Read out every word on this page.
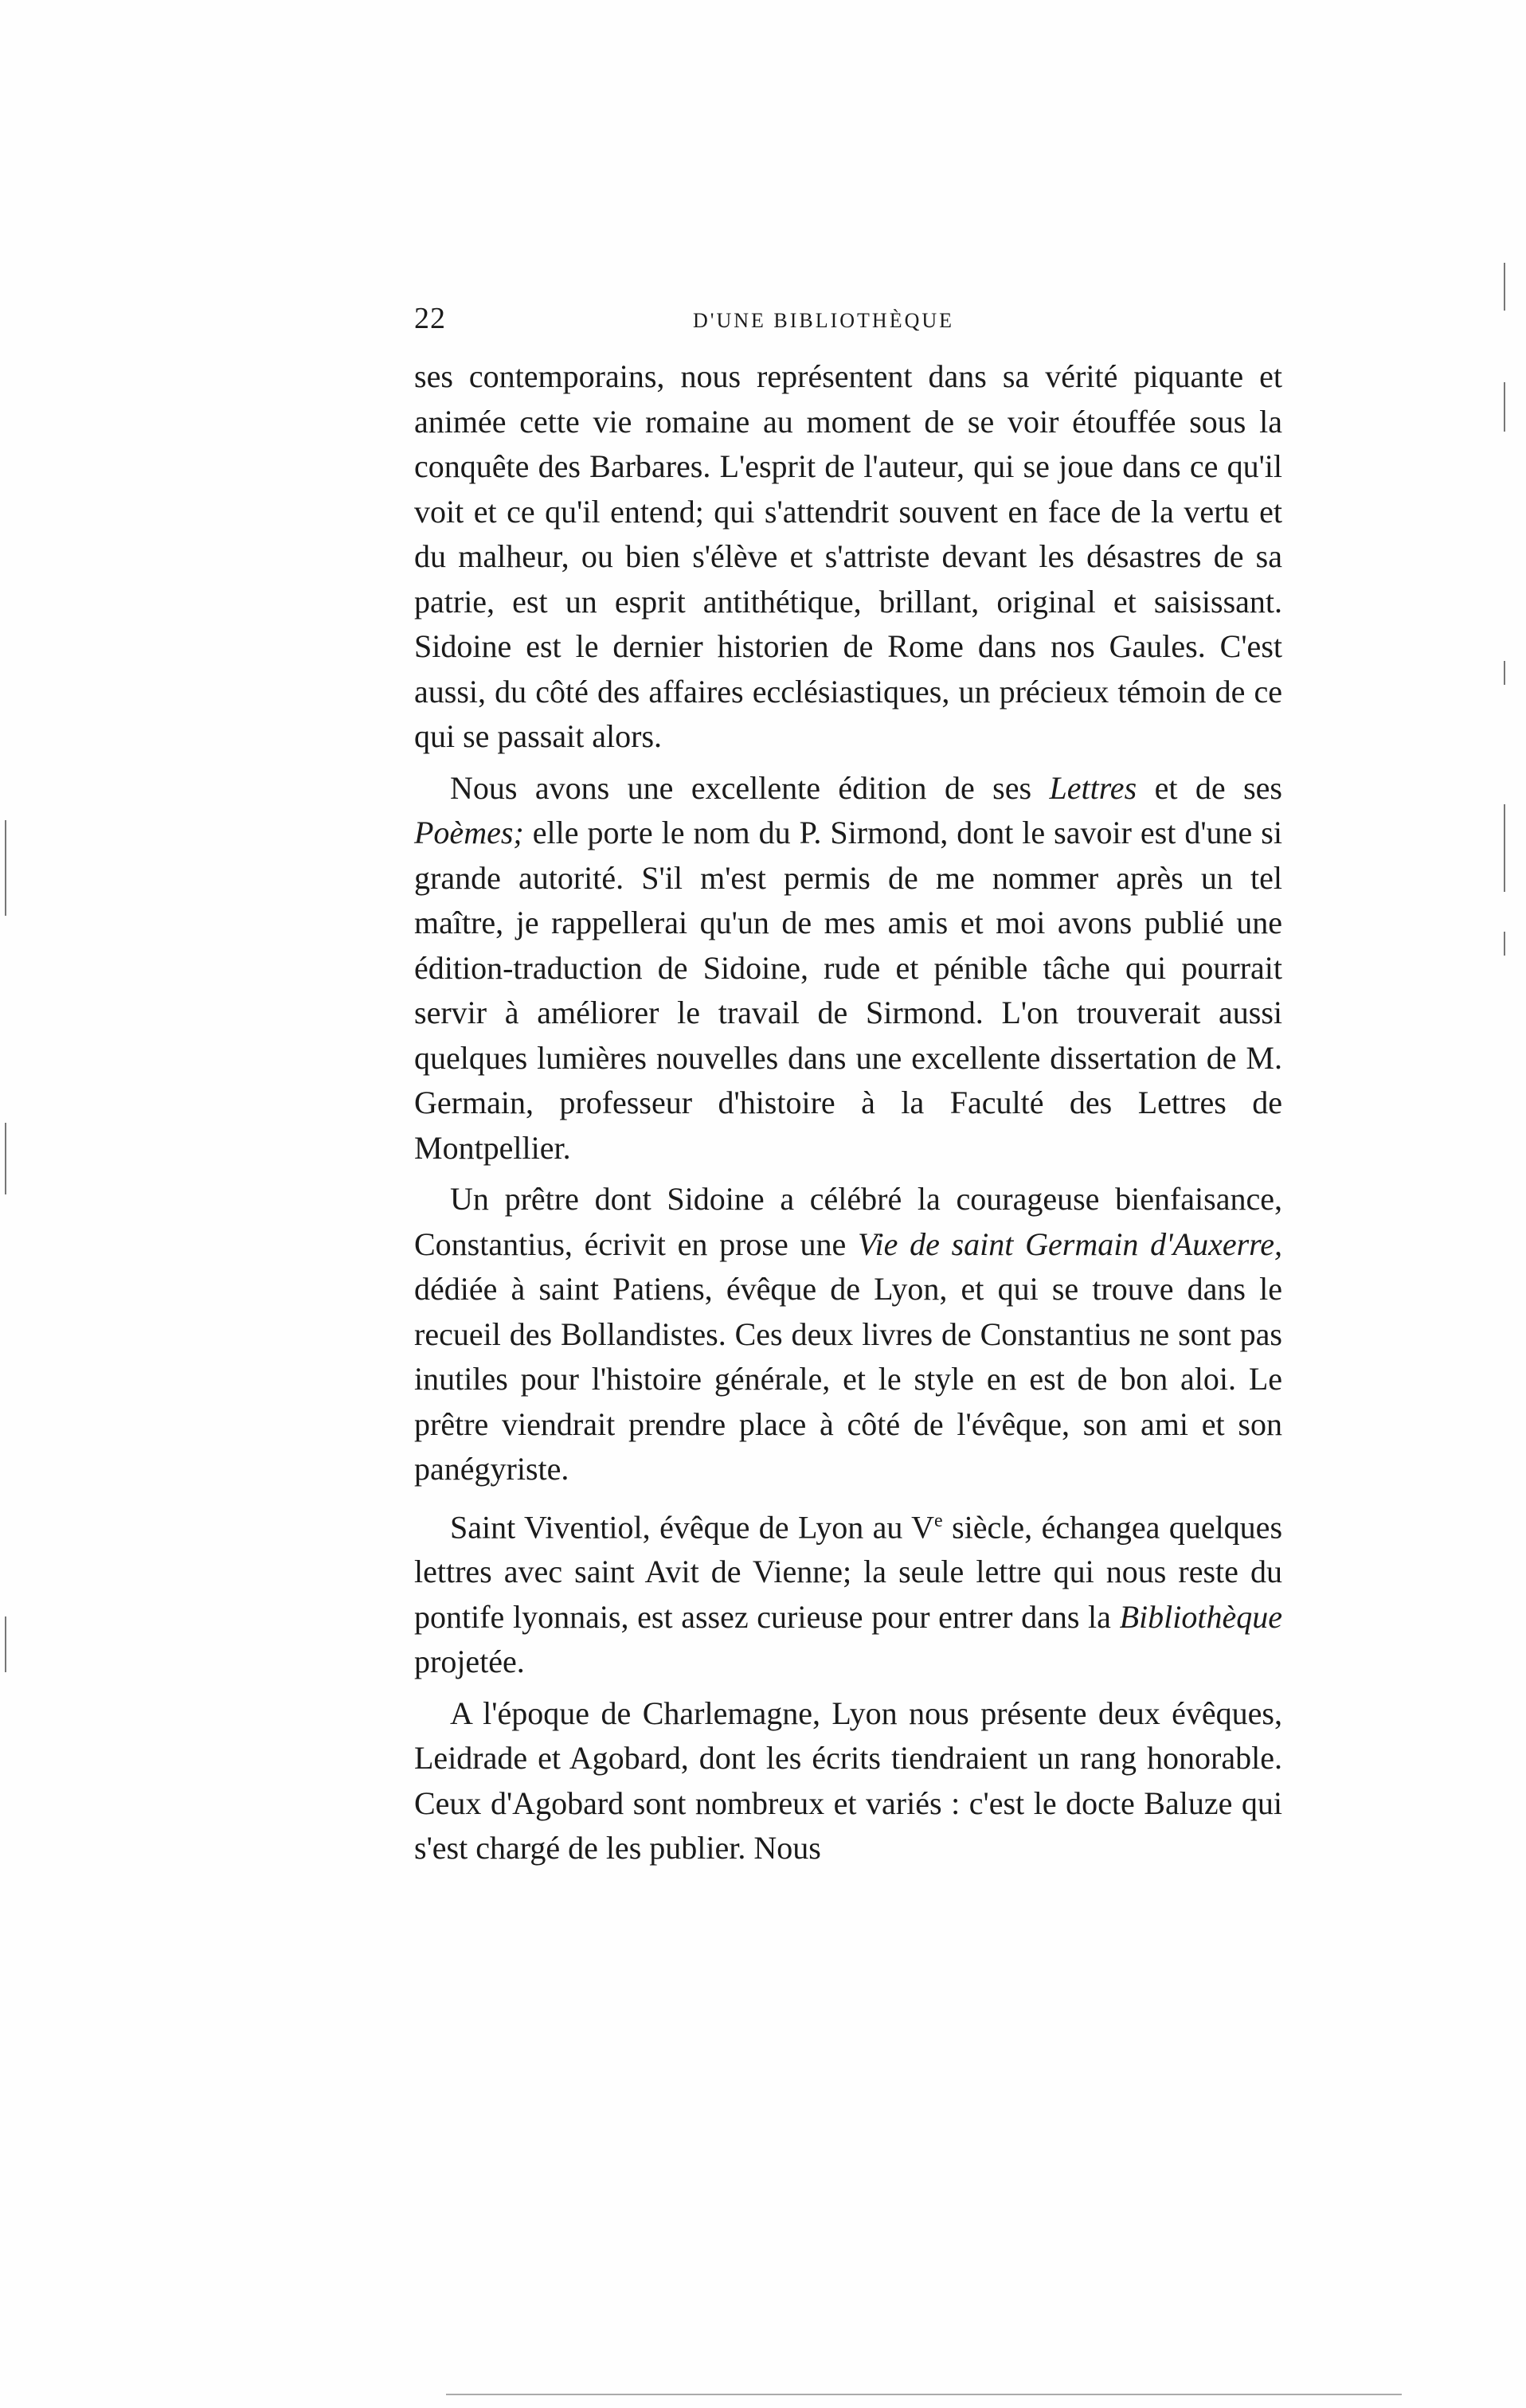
22	D'UNE BIBLIOTHÈQUE

ses contemporains, nous représentent dans sa vérité piquante et animée cette vie romaine au moment de se voir étouffée sous la conquête des Barbares. L'esprit de l'auteur, qui se joue dans ce qu'il voit et ce qu'il entend; qui s'attendrit souvent en face de la vertu et du malheur, ou bien s'élève et s'attriste devant les désastres de sa patrie, est un esprit antithétique, brillant, original et saisissant. Sidoine est le dernier historien de Rome dans nos Gaules. C'est aussi, du côté des affaires ecclésiastiques, un précieux témoin de ce qui se passait alors.

Nous avons une excellente édition de ses Lettres et de ses Poèmes; elle porte le nom du P. Sirmond, dont le savoir est d'une si grande autorité. S'il m'est permis de me nommer après un tel maître, je rappellerai qu'un de mes amis et moi avons publié une édition-traduction de Sidoine, rude et pénible tâche qui pourrait servir à améliorer le travail de Sirmond. L'on trouverait aussi quelques lumières nouvelles dans une excellente dissertation de M. Germain, professeur d'histoire à la Faculté des Lettres de Montpellier.

Un prêtre dont Sidoine a célébré la courageuse bienfaisance, Constantius, écrivit en prose une Vie de saint Germain d'Auxerre, dédiée à saint Patiens, évêque de Lyon, et qui se trouve dans le recueil des Bollandistes. Ces deux livres de Constantius ne sont pas inutiles pour l'histoire générale, et le style en est de bon aloi. Le prêtre viendrait prendre place à côté de l'évêque, son ami et son panégyriste.

Saint Viventiol, évêque de Lyon au Ve siècle, échangea quelques lettres avec saint Avit de Vienne; la seule lettre qui nous reste du pontife lyonnais, est assez curieuse pour entrer dans la Bibliothèque projetée.

A l'époque de Charlemagne, Lyon nous présente deux évêques, Leidrade et Agobard, dont les écrits tiendraient un rang honorable. Ceux d'Agobard sont nombreux et variés : c'est le docte Baluze qui s'est chargé de les publier. Nous
